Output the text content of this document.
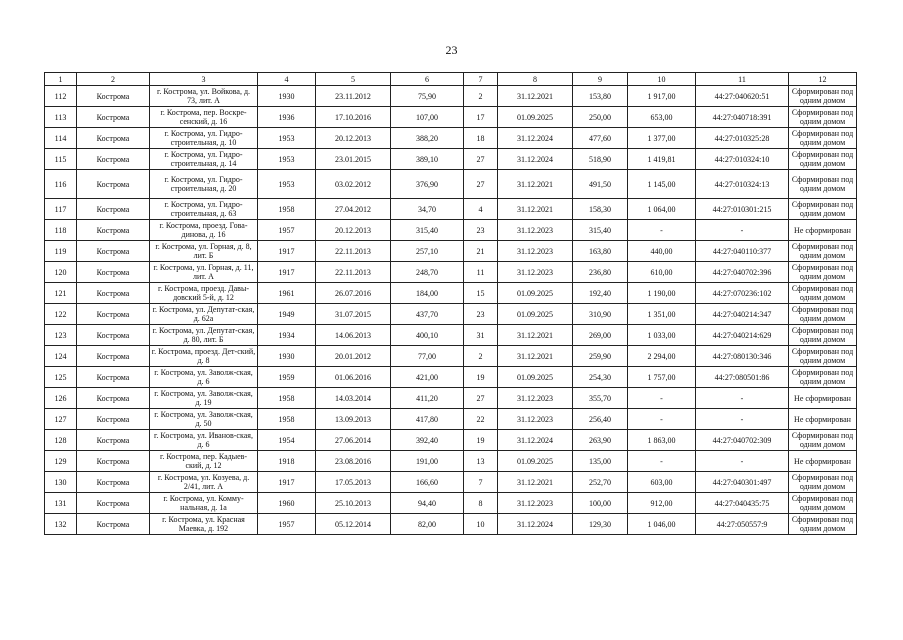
23
1	2	3	4	5	6	7	8	9	10	11	12
112	Кострома	г. Кострома, ул. Войкова, д. 73, лит. А	1930	23.11.2012	75,90	2	31.12.2021	153,80	1 917,00	44:27:040620:51	Сформирован под одним домом
113	Кострома	г. Кострома, пер. Воскре-сенский, д. 16	1936	17.10.2016	107,00	17	01.09.2025	250,00	653,00	44:27:040718:391	Сформирован под одним домом
114	Кострома	г. Кострома, ул. Гидро-строительная, д. 10	1953	20.12.2013	388,20	18	31.12.2024	477,60	1 377,00	44:27:010325:28	Сформирован под одним домом
115	Кострома	г. Кострома, ул. Гидро-строительная, д. 14	1953	23.01.2015	389,10	27	31.12.2024	518,90	1 419,81	44:27:010324:10	Сформирован под одним домом
116	Кострома	г. Кострома, ул. Гидро-строительная, д. 20	1953	03.02.2012	376,90	27	31.12.2021	491,50	1 145,00	44:27:010324:13	Сформирован под одним домом
117	Кострома	г. Кострома, ул. Гидро-строительная, д. 63	1958	27.04.2012	34,70	4	31.12.2021	158,30	1 064,00	44:27:010301:215	Сформирован под одним домом
118	Кострома	г. Кострома, проезд. Гова-динова, д. 16	1957	20.12.2013	315,40	23	31.12.2023	315,40	-	-	Не сформирован
119	Кострома	г. Кострома, ул. Горная, д. 8, лит. Б	1917	22.11.2013	257,10	21	31.12.2023	163,80	440,00	44:27:040110:377	Сформирован под одним домом
120	Кострома	г. Кострома, ул. Горная, д. 11, лит. А	1917	22.11.2013	248,70	11	31.12.2023	236,80	610,00	44:27:040702:396	Сформирован под одним домом
121	Кострома	г. Кострома, проезд. Давы-довский 5-й, д. 12	1961	26.07.2016	184,00	15	01.09.2025	192,40	1 190,00	44:27:070236:102	Сформирован под одним домом
122	Кострома	г. Кострома, ул. Депутат-ская, д. 62а	1949	31.07.2015	437,70	23	01.09.2025	310,90	1 351,00	44:27:040214:347	Сформирован под одним домом
123	Кострома	г. Кострома, ул. Депутат-ская, д. 80, лит. Б	1934	14.06.2013	400,10	31	31.12.2021	269,00	1 033,00	44:27:040214:629	Сформирован под одним домом
124	Кострома	г. Кострома, проезд. Дет-ский, д. 8	1930	20.01.2012	77,00	2	31.12.2021	259,90	2 294,00	44:27:080130:346	Сформирован под одним домом
125	Кострома	г. Кострома, ул. Заволж-ская, д. 6	1959	01.06.2016	421,00	19	01.09.2025	254,30	1 757,00	44:27:080501:86	Сформирован под одним домом
126	Кострома	г. Кострома, ул. Заволж-ская, д. 19	1958	14.03.2014	411,20	27	31.12.2023	355,70	-	-	Не сформирован
127	Кострома	г. Кострома, ул. Заволж-ская, д. 50	1958	13.09.2013	417,80	22	31.12.2023	256,40	-	-	Не сформирован
128	Кострома	г. Кострома, ул. Иванов-ская, д. 6	1954	27.06.2014	392,40	19	31.12.2024	263,90	1 863,00	44:27:040702:309	Сформирован под одним домом
129	Кострома	г. Кострома, пер. Кадыев-ский, д. 12	1918	23.08.2016	191,00	13	01.09.2025	135,00	-	-	Не сформирован
130	Кострома	г. Кострома, ул. Козуева, д. 2/41, лит. А	1917	17.05.2013	166,60	7	31.12.2021	252,70	603,00	44:27:040301:497	Сформирован под одним домом
131	Кострома	г. Кострома, ул. Комму-нальная, д. 1а	1960	25.10.2013	94,40	8	31.12.2023	100,00	912,00	44:27:040435:75	Сформирован под одним домом
132	Кострома	г. Кострома, ул. Красная Маевка, д. 192	1957	05.12.2014	82,00	10	31.12.2024	129,30	1 046,00	44:27:050557:9	Сформирован под одним домом
